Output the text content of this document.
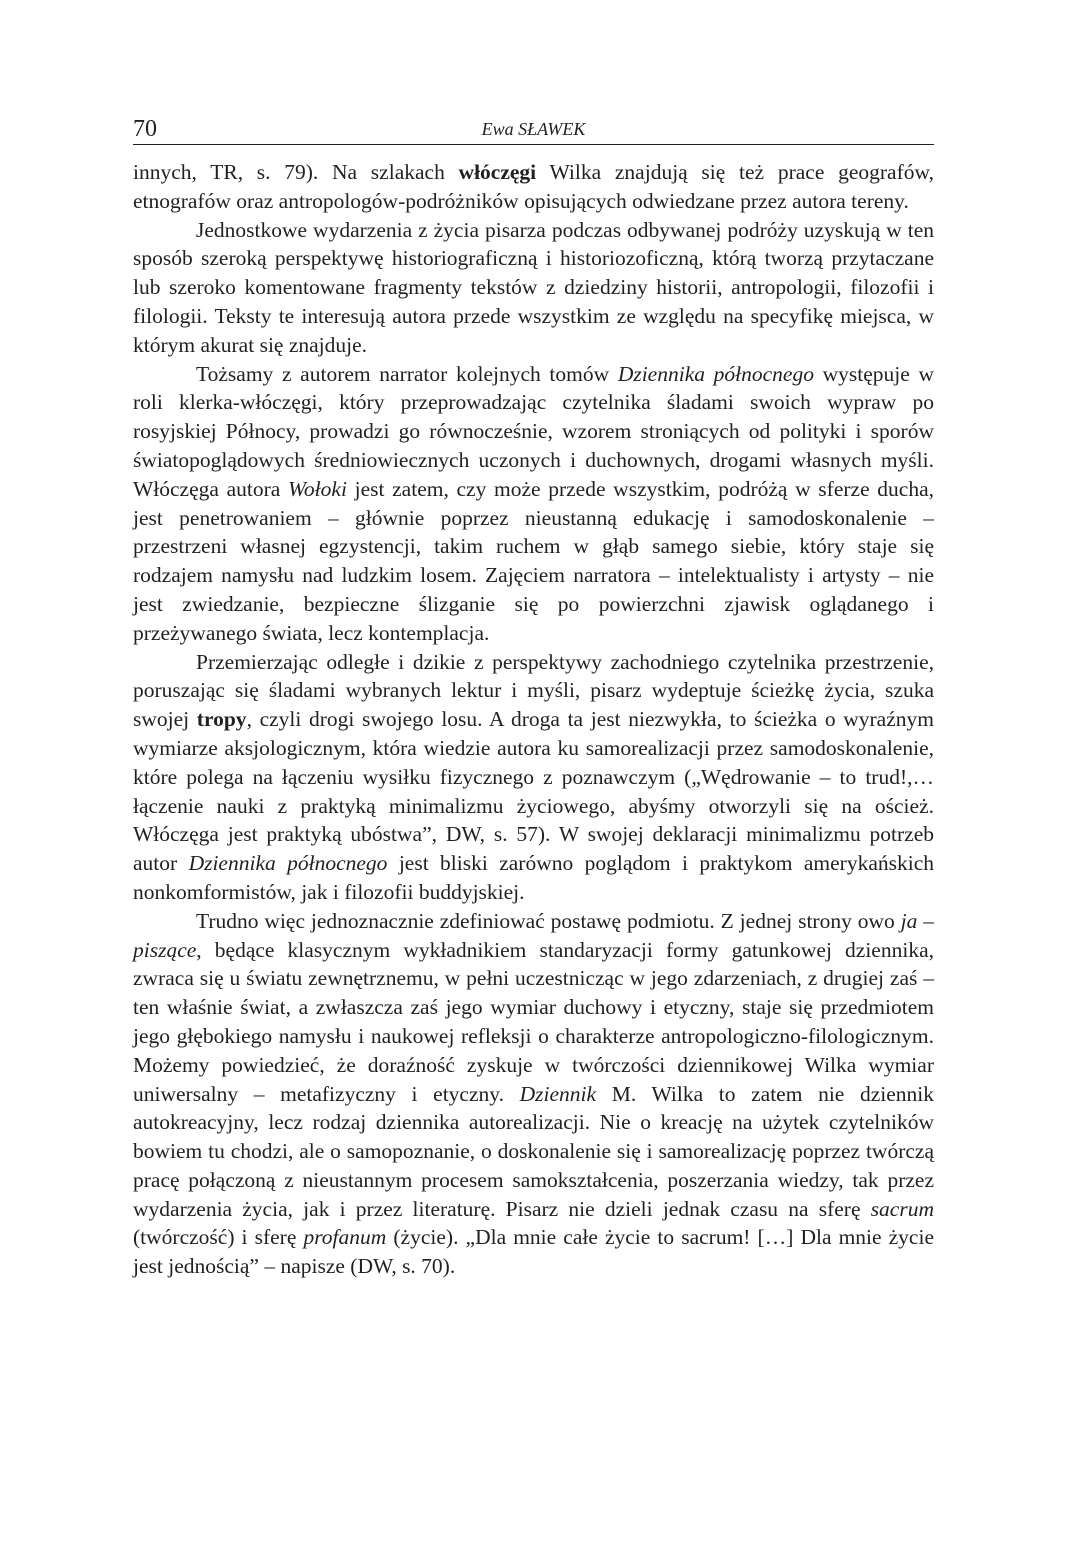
70	Ewa SŁAWEK

innych, TR, s. 79). Na szlakach włóczęgi Wilka znajdują się też prace geografów, etnografów oraz antropologów-podróżników opisujących odwiedzane przez autora tereny.

Jednostkowe wydarzenia z życia pisarza podczas odbywanej podróży uzyskują w ten sposób szeroką perspektywę historiograficzną i historiozoficzną, którą tworzą przytaczane lub szeroko komentowane fragmenty tekstów z dziedziny historii, antropologii, filozofii i filologii. Teksty te interesują autora przede wszystkim ze względu na specyfikę miejsca, w którym akurat się znajduje.

Tożsamy z autorem narrator kolejnych tomów Dziennika północnego występuje w roli klerka-włóczęgi, który przeprowadzając czytelnika śladami swoich wypraw po rosyjskiej Północy, prowadzi go równocześnie, wzorem stroniących od polityki i sporów światopoglądowych średniowiecznych uczonych i duchownych, drogami własnych myśli. Włóczęga autora Wołoki jest zatem, czy może przede wszystkim, podróżą w sferze ducha, jest penetrowaniem – głównie poprzez nieustanną edukację i samodoskonalenie – przestrzeni własnej egzystencji, takim ruchem w głąb samego siebie, który staje się rodzajem namysłu nad ludzkim losem. Zajęciem narratora – intelektualisty i artysty – nie jest zwiedzanie, bezpieczne ślizganie się po powierzchni zjawisk oglądanego i przeżywanego świata, lecz kontemplacja.

Przemierzając odległe i dzikie z perspektywy zachodniego czytelnika przestrzenie, poruszając się śladami wybranych lektur i myśli, pisarz wydeptuje ścieżkę życia, szuka swojej tropy, czyli drogi swojego losu. A droga ta jest niezwykła, to ścieżka o wyraźnym wymiarze aksjologicznym, która wiedzie autora ku samorealizacji przez samodoskonalenie, które polega na łączeniu wysiłku fizycznego z poznawczym („Wędrowanie – to trud!,… łączenie nauki z praktyką minimalizmu życiowego, abyśmy otworzyli się na oścież. Włóczęga jest praktyką ubóstwa”, DW, s. 57). W swojej deklaracji minimalizmu potrzeb autor Dziennika północnego jest bliski zarówno poglądom i praktykom amerykańskich nonkomformistów, jak i filozofii buddyjskiej.

Trudno więc jednoznacznie zdefiniować postawę podmiotu. Z jednej strony owo ja –piszące, będące klasycznym wykładnikiem standaryzacji formy gatunkowej dziennika, zwraca się u światu zewnętrznemu, w pełni uczestnicząc w jego zdarzeniach, z drugiej zaś – ten właśnie świat, a zwłaszcza zaś jego wymiar duchowy i etyczny, staje się przedmiotem jego głębokiego namysłu i naukowej refleksji o charakterze antropologiczno-filologicznym. Możemy powiedzieć, że doraźność zyskuje w twórczości dziennikowej Wilka wymiar uniwersalny – metafizyczny i etyczny. Dziennik M. Wilka to zatem nie dziennik autokreacyjny, lecz rodzaj dziennika autorealizacji. Nie o kreację na użytek czytelników bowiem tu chodzi, ale o samopoznanie, o doskonalenie się i samorealizację poprzez twórczą pracę połączoną z nieustannym procesem samokształcenia, poszerzania wiedzy, tak przez wydarzenia życia, jak i przez literaturę. Pisarz nie dzieli jednak czasu na sferę sacrum (twórczość) i sferę profanum (życie). „Dla mnie całe życie to sacrum! […] Dla mnie życie jest jednością” – napisze (DW, s. 70).
